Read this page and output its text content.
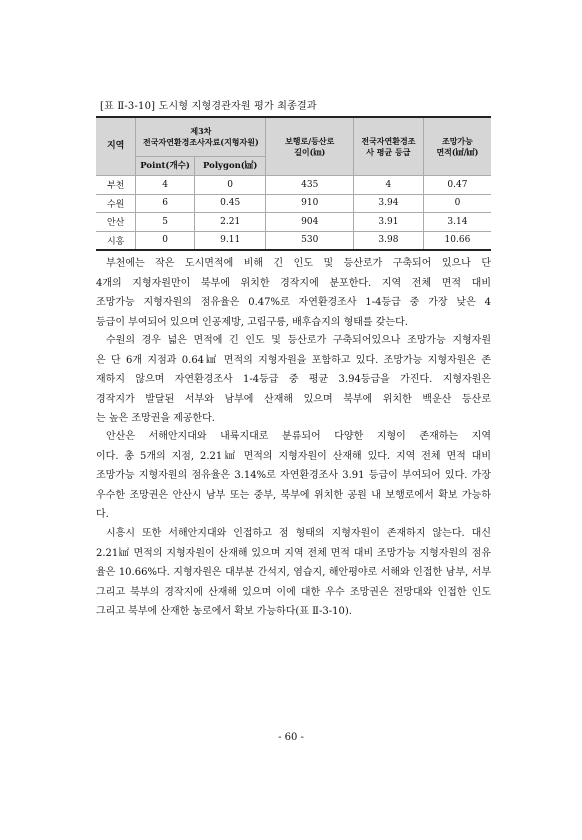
[표 Ⅱ-3-10] 도시형 지형경관자원 평가 최종결과
지역	제3차
전국자연환경조사자료(지형자원)		보행로/등산로
길이(㎞)	전국자연환경조
사 평균 등급	조망가능
면적(㎢/㎢)
	Point(개수)	Polygon(㎢)			
부천	4	0	435	4	0.47
수원	6	0.45	910	3.94	0
안산	5	2.21	904	3.91	3.14
시흥	0	9.11	530	3.98	10.66
부천에는 작은 도시면적에 비해 긴 인도 및 등산로가 구축되어 있으나 단
4개의 지형자원만이 북부에 위치한 경작지에 분포한다. 지역 전체 면적 대비
조망가능 지형자원의 점유율은 0.47%로 자연환경조사 1-4등급 중 가장 낮은 4
등급이 부여되어 있으며 인공제방, 고립구릉, 배후습지의 형태를 갖는다.
수원의 경우 넓은 면적에 긴 인도 및 등산로가 구축되어있으나 조망가능 지형자원
은 단 6개 지점과 0.64㎢ 면적의 지형자원을 포함하고 있다. 조망가능 지형자원은 존
재하지 않으며 자연환경조사 1-4등급 중 평균 3.94등급을 가진다. 지형자원은
경작지가 발달된 서부와 남부에 산재해 있으며 북부에 위치한 백운산 등산로
는 높은 조망권을 제공한다.
안산은 서해안지대와 내륙지대로 분류되어 다양한 지형이 존재하는 지역
이다. 총 5개의 지점, 2.21㎢ 면적의 지형자원이 산재해 있다. 지역 전체 면적 대비
조망가능 지형자원의 점유율은 3.14%로 자연환경조사 3.91 등급이 부여되어 있다. 가장
우수한 조망권은 안산시 남부 또는 중부, 북부에 위치한 공원 내 보행로에서 확보 가능하
다.
시흥시 또한 서해안지대와 인접하고 점 형태의 지형자원이 존재하지 않는다. 대신
2.21㎢ 면적의 지형자원이 산재해 있으며 지역 전체 면적 대비 조망가능 지형자원의 점유
율은 10.66%다. 지형자원은 대부분 간석지, 염습지, 해안평야로 서해와 인접한 남부, 서부
그리고 북부의 경작지에 산재해 있으며 이에 대한 우수 조망권은 전망대와 인접한 인도
그리고 북부에 산재한 농로에서 확보 가능하다(표 Ⅱ-3-10).
- 60 -
